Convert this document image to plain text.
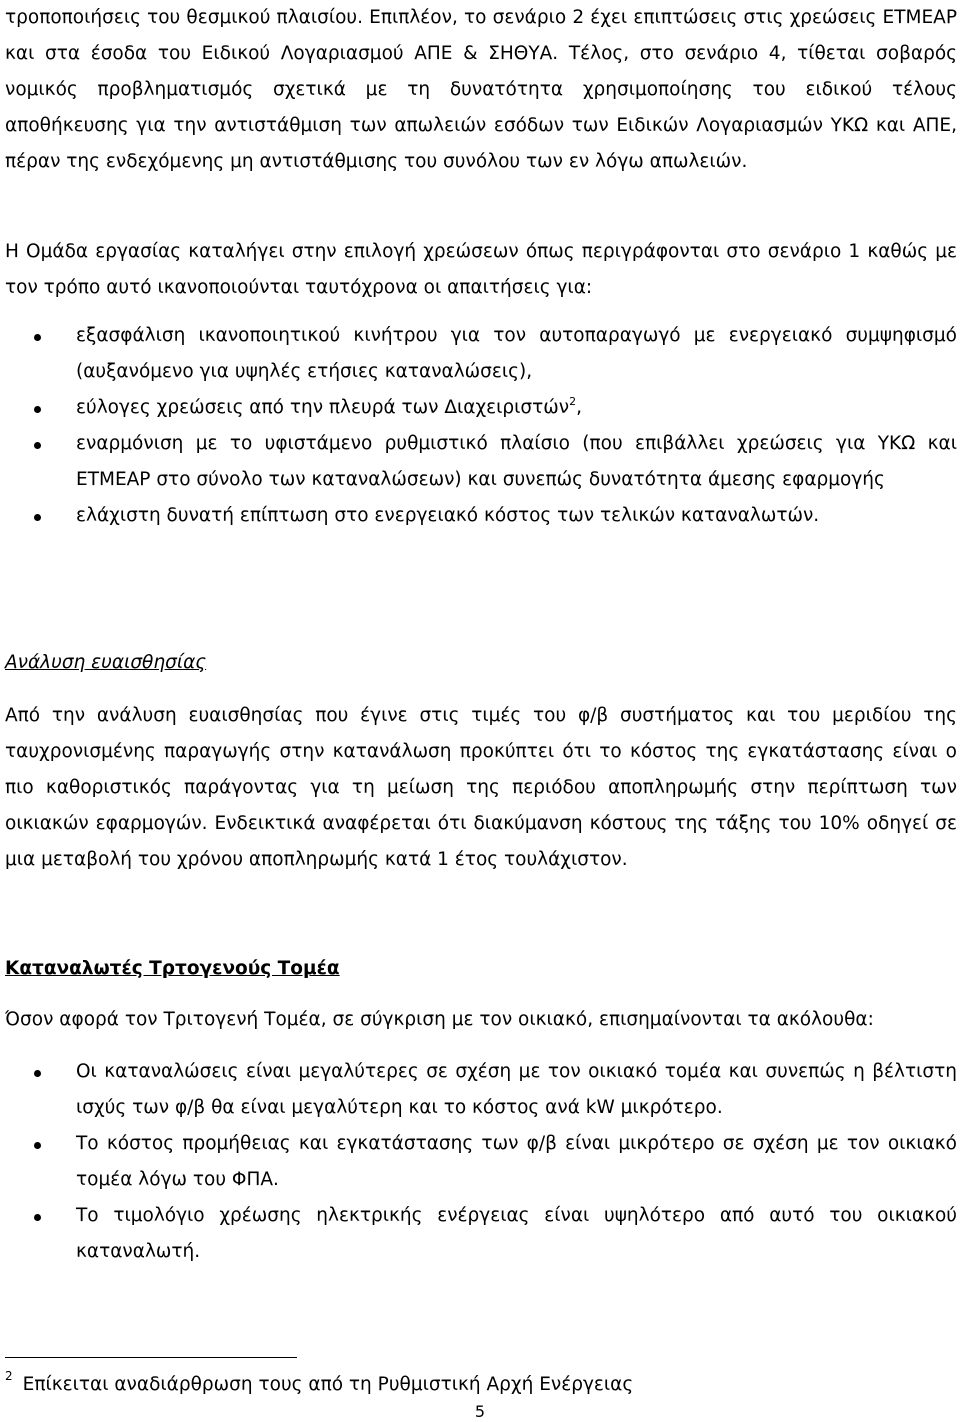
τροποποιήσεις του θεσμικού πλαισίου. Επιπλέον, το σενάριο 2 έχει επιπτώσεις στις χρεώσεις ΕΤΜΕΑΡ και στα έσοδα του Ειδικού Λογαριασμού ΑΠΕ & ΣΗΘΥΑ. Τέλος, στο σενάριο 4, τίθεται σοβαρός νομικός προβληματισμός σχετικά με τη δυνατότητα χρησιμοποίησης του ειδικού τέλους αποθήκευσης για την αντιστάθμιση των απωλειών εσόδων των Ειδικών Λογαριασμών ΥΚΩ και ΑΠΕ, πέραν της ενδεχόμενης μη αντιστάθμισης του συνόλου των εν λόγω απωλειών.

Η Ομάδα εργασίας καταλήγει στην επιλογή χρεώσεων όπως περιγράφονται στο σενάριο 1 καθώς με τον τρόπο αυτό ικανοποιούνται ταυτόχρονα οι απαιτήσεις για:

εξασφάλιση ικανοποιητικού κινήτρου για τον αυτοπαραγωγό με ενεργειακό συμψηφισμό (αυξανόμενο για υψηλές ετήσιες καταναλώσεις),
εύλογες χρεώσεις από την πλευρά των Διαχειριστών$^2$,
εναρμόνιση με το υφιστάμενο ρυθμιστικό πλαίσιο (που επιβάλλει χρεώσεις για ΥΚΩ και ΕΤΜΕΑΡ στο σύνολο των καταναλώσεων) και συνεπώς δυνατότητα άμεσης εφαρμογής
ελάχιστη δυνατή επίπτωση στο ενεργειακό κόστος των τελικών καταναλωτών.
Ανάλυση ευαισθησίας

Από την ανάλυση ευαισθησίας που έγινε στις τιμές του φ/β συστήματος και του μεριδίου της ταυχρονισμένης παραγωγής στην κατανάλωση προκύπτει ότι το κόστος της εγκατάστασης είναι ο πιο καθοριστικός παράγοντας για τη μείωση της περιόδου αποπληρωμής στην περίπτωση των οικιακών εφαρμογών. Ενδεικτικά αναφέρεται ότι διακύμανση κόστους της τάξης του 10% οδηγεί σε μια μεταβολή του χρόνου αποπληρωμής κατά 1 έτος τουλάχιστον.

Καταναλωτές Τρτογενούς Τομέα

Όσον αφορά τον Τριτογενή Τομέα, σε σύγκριση με τον οικιακό, επισημαίνονται τα ακόλουθα:

Οι καταναλώσεις είναι μεγαλύτερες σε σχέση με τον οικιακό τομέα και συνεπώς η βέλτιστη ισχύς των φ/β θα είναι μεγαλύτερη και το κόστος ανά kW μικρότερο.
Το κόστος προμήθειας και εγκατάστασης των φ/β είναι μικρότερο σε σχέση με τον οικιακό τομέα λόγω του ΦΠΑ.
Το τιμολόγιο χρέωσης ηλεκτρικής ενέργειας είναι υψηλότερο από αυτό του οικιακού καταναλωτή.
$^2$ Επίκειται αναδιάρθρωση τους από τη Ρυθμιστική Αρχή Ενέργειας
5
